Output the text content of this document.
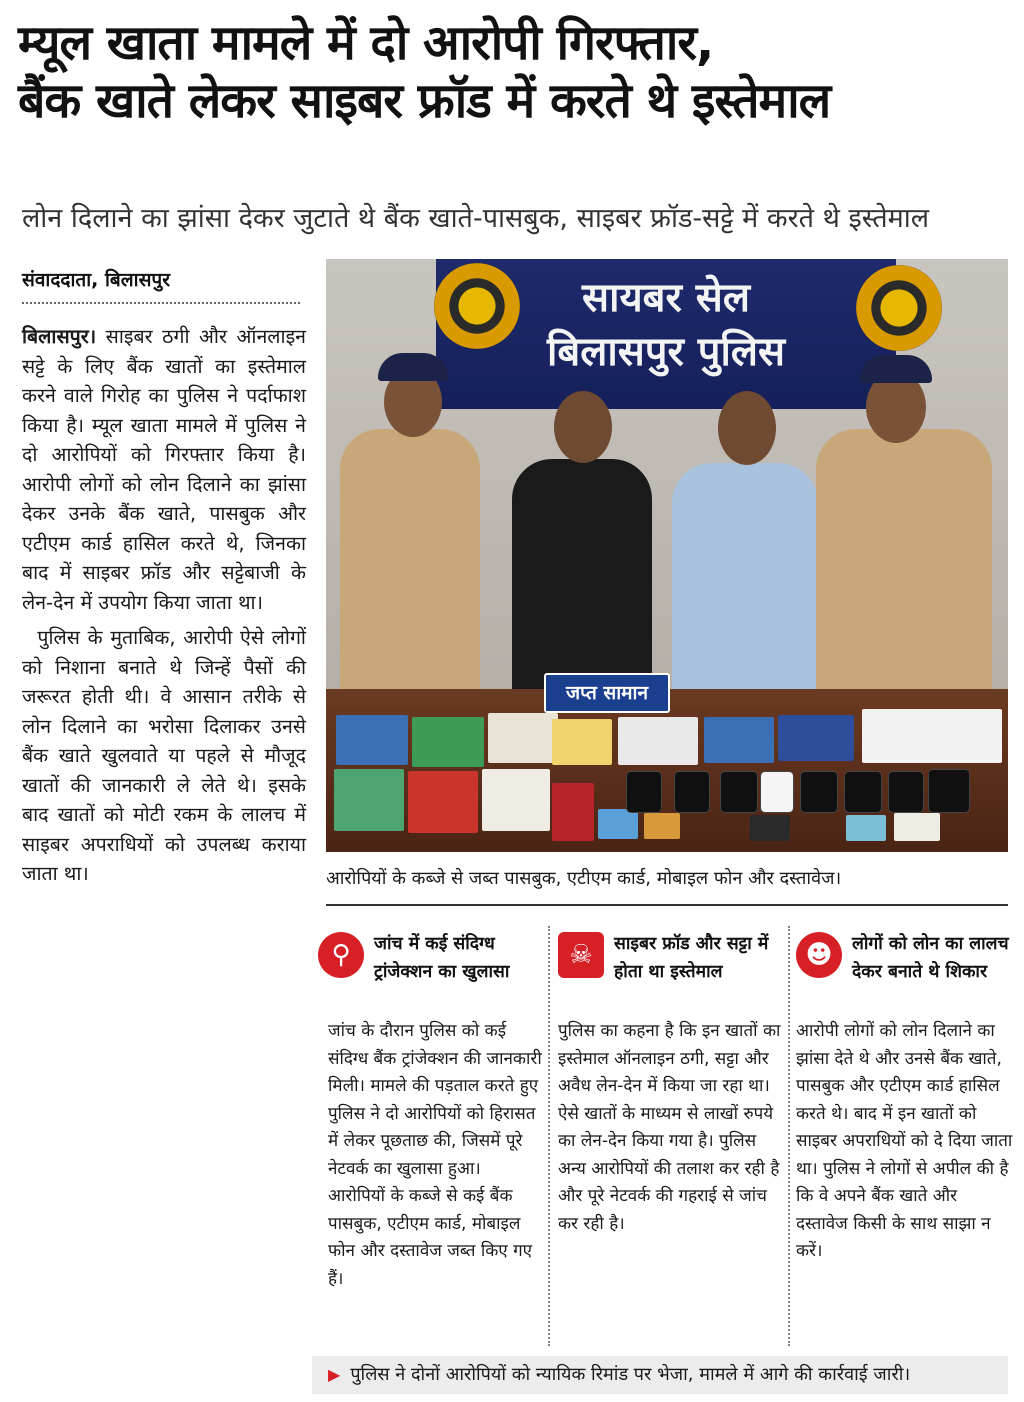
म्यूल खाता मामले में दो आरोपी गिरफ्तार,
बैंक खाते लेकर साइबर फ्रॉड में करते थे इस्तेमाल

लोन दिलाने का झांसा देकर जुटाते थे बैंक खाते-पासबुक, साइबर फ्रॉड-सट्टे में करते थे इस्तेमाल

संवाददाता, बिलासपुर

बिलासपुर। साइबर ठगी और ऑनलाइन सट्टे के लिए बैंक खातों का इस्तेमाल करने वाले गिरोह का पुलिस ने पर्दाफाश किया है। म्यूल खाता मामले में पुलिस ने दो आरोपियों को गिरफ्तार किया है। आरोपी लोगों को लोन दिलाने का झांसा देकर उनके बैंक खाते, पासबुक और एटीएम कार्ड हासिल करते थे, जिनका बाद में साइबर फ्रॉड और सट्टेबाजी के लेन-देन में उपयोग किया जाता था।

पुलिस के मुताबिक, आरोपी ऐसे लोगों को निशाना बनाते थे जिन्हें पैसों की जरूरत होती थी। वे आसान तरीके से लोन दिलाने का भरोसा दिलाकर उनसे बैंक खाते खुलवाते या पहले से मौजूद खातों की जानकारी ले लेते थे। इसके बाद खातों को मोटी रकम के लालच में साइबर अपराधियों को उपलब्ध कराया जाता था।

सायबर सेल
बिलासपुर पुलिस
जप्त सामान
आरोपियों के कब्जे से जब्त पासबुक, एटीएम कार्ड, मोबाइल फोन और दस्तावेज।
⚲	जांच में कई संदिग्ध ट्रांजेक्शन का खुलासा
जांच के दौरान पुलिस को कई संदिग्ध बैंक ट्रांजेक्शन की जानकारी मिली। मामले की पड़ताल करते हुए पुलिस ने दो आरोपियों को हिरासत में लेकर पूछताछ की, जिसमें पूरे नेटवर्क का खुलासा हुआ। आरोपियों के कब्जे से कई बैंक पासबुक, एटीएम कार्ड, मोबाइल फोन और दस्तावेज जब्त किए गए हैं।
☠	साइबर फ्रॉड और सट्टा में होता था इस्तेमाल
पुलिस का कहना है कि इन खातों का इस्तेमाल ऑनलाइन ठगी, सट्टा और अवैध लेन-देन में किया जा रहा था। ऐसे खातों के माध्यम से लाखों रुपये का लेन-देन किया गया है। पुलिस अन्य आरोपियों की तलाश कर रही है और पूरे नेटवर्क की गहराई से जांच कर रही है।
☻	लोगों को लोन का लालच देकर बनाते थे शिकार
आरोपी लोगों को लोन दिलाने का झांसा देते थे और उनसे बैंक खाते, पासबुक और एटीएम कार्ड हासिल करते थे। बाद में इन खातों को साइबर अपराधियों को दे दिया जाता था। पुलिस ने लोगों से अपील की है कि वे अपने बैंक खाते और दस्तावेज किसी के साथ साझा न करें।
▶ पुलिस ने दोनों आरोपियों को न्यायिक रिमांड पर भेजा, मामले में आगे की कार्रवाई जारी।
